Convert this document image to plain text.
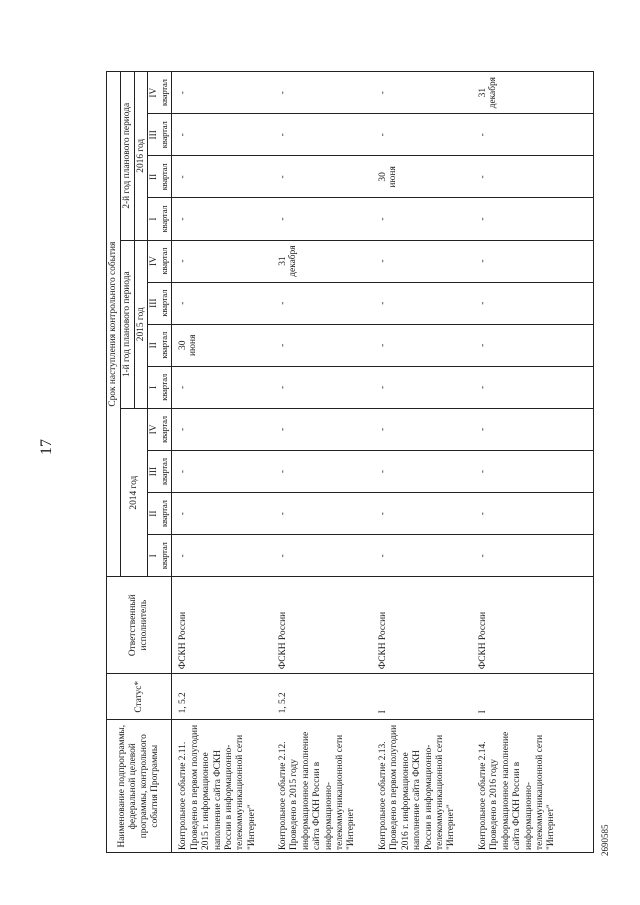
17
2690585
Наименование подпрограммы, федеральной целевой программы, контрольного события Программы	Статус*	Ответственный исполнитель	Срок наступления контрольного события											
			2014 год				1-й год планового периода				2-й год планового периода			
							2015 год				2016 год			

			I квартал	II квартал	III квартал	IV квартал	I квартал	II квартал	III квартал	IV квартал	I квартал	II квартал	III квартал	IV квартал

Контрольное событие 2.11. Проведено в первом полугодии 2015 г. информационное наполнение сайта ФСКН России в информационно-телекоммуникационной сети "Интернет"	1, 5.2	ФСКН России	-	-	-	-	-	30 июня	-	-	-	-	-	-
Контрольное событие 2.12. Проведено в 2015 году информационное наполнение сайта ФСКН России в информационно-телекоммуникационной сети "Интернет	1, 5.2	ФСКН России	-	-	-	-	-	-	-	31 декабря	-	-	-	-
Контрольное событие 2.13. Проведено в первом полугодии 2016 г. информационное наполнение сайта ФСКН России в информационно-телекоммуникационной сети "Интернет"	I	ФСКН России	-	-	-	-	-	-	-	-	-	30 июня	-	-
Контрольное событие 2.14. Проведено в 2016 году информационное наполнение сайта ФСКН России в информационно-телекоммуникационной сети "Интернет"	I	ФСКН России	-	-	-	-	-	-	-	-	-	-	-	31 декабря
